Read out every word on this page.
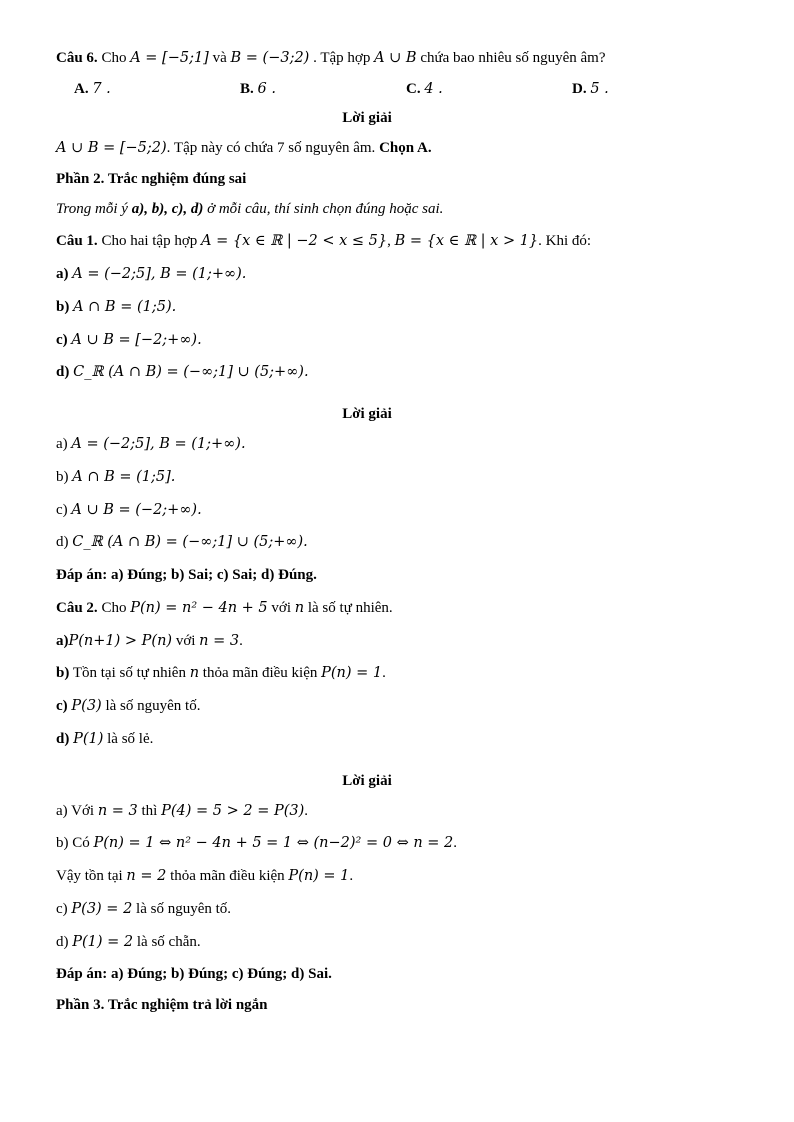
Câu 6. Cho A = [−5;1] và B = (−3;2) . Tập hợp A ∪ B chứa bao nhiêu số nguyên âm?

A. 7 .	B. 6 .	C. 4 .	D. 5 .

Lời giải

A ∪ B = [−5;2). Tập này có chứa 7 số nguyên âm. Chọn A.

Phần 2. Trắc nghiệm đúng sai

Trong mỗi ý a), b), c), d) ở mỗi câu, thí sinh chọn đúng hoặc sai.

Câu 1. Cho hai tập hợp A = {x ∈ ℝ | −2 < x ≤ 5}, B = {x ∈ ℝ | x > 1}. Khi đó:

a) A = (−2;5], B = (1;+∞).

b) A ∩ B = (1;5).

c) A ∪ B = [−2;+∞).

d) C_ℝ (A ∩ B) = (−∞;1] ∪ (5;+∞).

Lời giải

a) A = (−2;5], B = (1;+∞).

b) A ∩ B = (1;5].

c) A ∪ B = (−2;+∞).

d) C_ℝ (A ∩ B) = (−∞;1] ∪ (5;+∞).

Đáp án: a) Đúng; b) Sai; c) Sai; d) Đúng.

Câu 2. Cho P(n) = n² − 4n + 5 với n là số tự nhiên.

a)P(n+1) > P(n) với n = 3.

b) Tồn tại số tự nhiên n thỏa mãn điều kiện P(n) = 1.

c) P(3) là số nguyên tố.

d) P(1) là số lẻ.

Lời giải

a) Với n = 3 thì P(4) = 5 > 2 = P(3).

b) Có P(n) = 1 ⇔ n² − 4n + 5 = 1 ⇔ (n−2)² = 0 ⇔ n = 2.

Vậy tồn tại n = 2 thỏa mãn điều kiện P(n) = 1.

c) P(3) = 2 là số nguyên tố.

d) P(1) = 2 là số chẵn.

Đáp án: a) Đúng; b) Đúng; c) Đúng; d) Sai.

Phần 3. Trắc nghiệm trả lời ngắn
